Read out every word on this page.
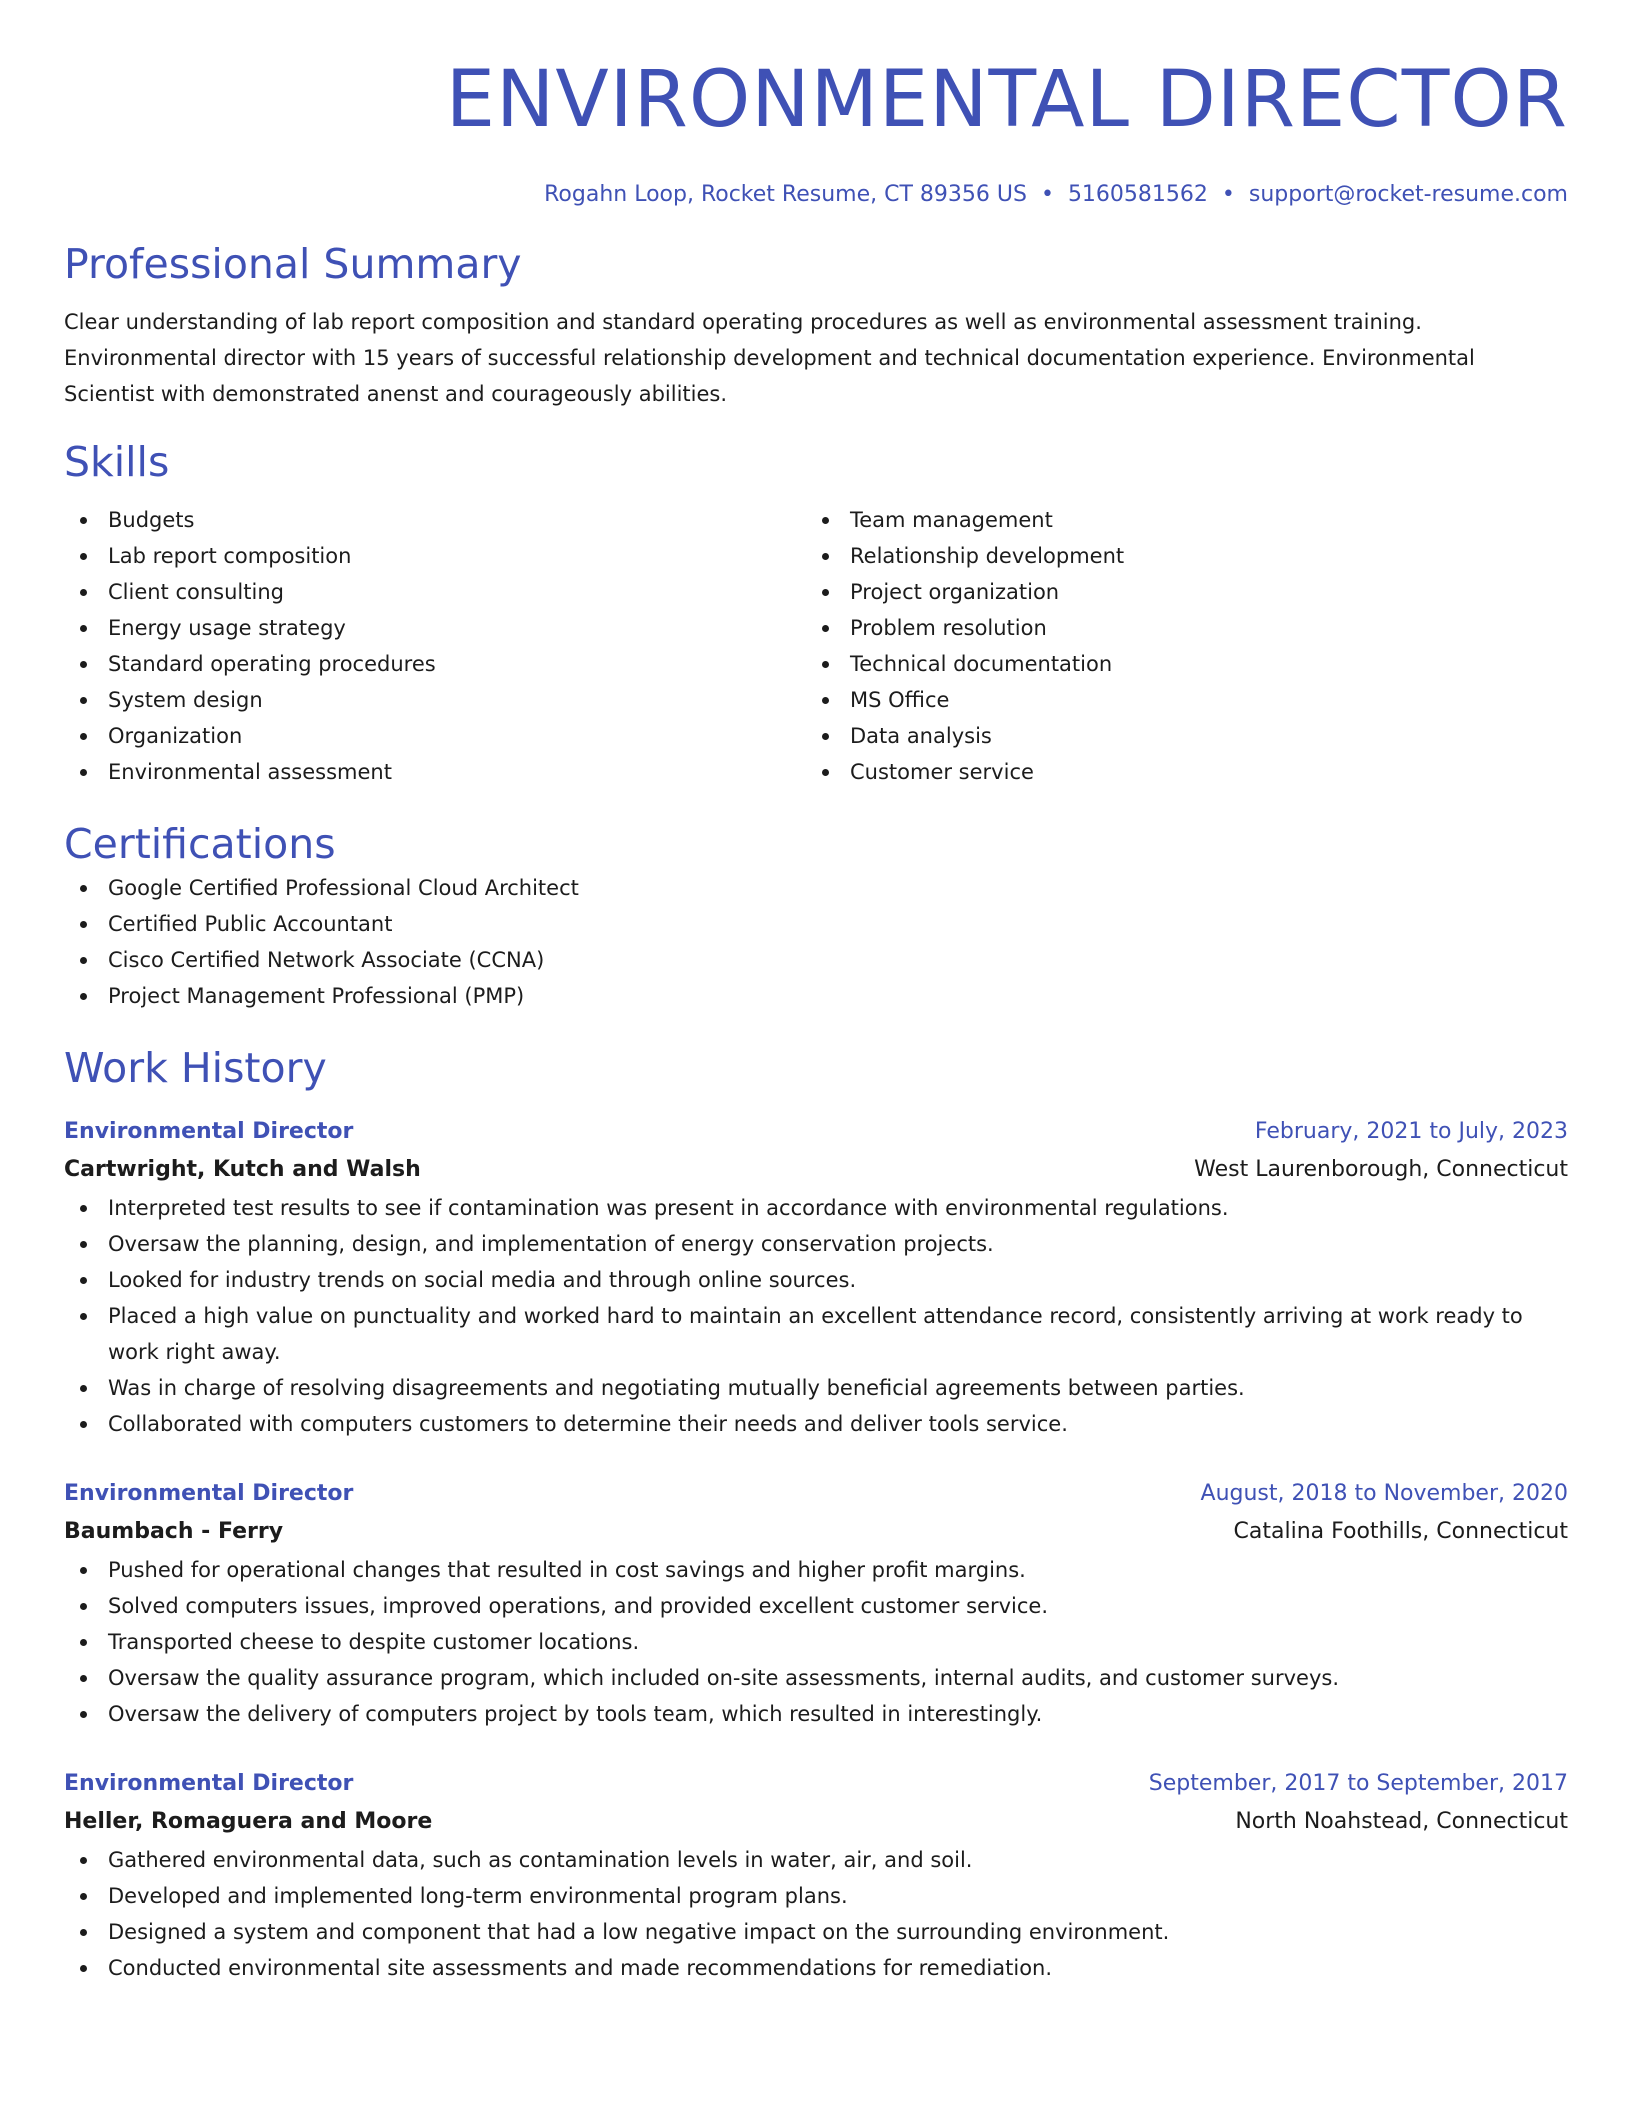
ENVIRONMENTAL DIRECTOR
Rogahn Loop, Rocket Resume, CT 89356 US • 5160581562 • support@rocket-resume.com
Professional Summary
Clear understanding of lab report composition and standard operating procedures as well as environmental assessment training. Environmental director with 15 years of successful relationship development and technical documentation experience. Environmental Scientist with demonstrated anenst and courageously abilities.
Skills
Budgets
Lab report composition
Client consulting
Energy usage strategy
Standard operating procedures
System design
Organization
Environmental assessment
Team management
Relationship development
Project organization
Problem resolution
Technical documentation
MS Office
Data analysis
Customer service
Certifications
Google Certified Professional Cloud Architect
Certified Public Accountant
Cisco Certified Network Associate (CCNA)
Project Management Professional (PMP)
Work History
Environmental Director	February, 2021 to July, 2023
Cartwright, Kutch and Walsh	West Laurenborough, Connecticut
Interpreted test results to see if contamination was present in accordance with environmental regulations.
Oversaw the planning, design, and implementation of energy conservation projects.
Looked for industry trends on social media and through online sources.
Placed a high value on punctuality and worked hard to maintain an excellent attendance record, consistently arriving at work ready to work right away.
Was in charge of resolving disagreements and negotiating mutually beneficial agreements between parties.
Collaborated with computers customers to determine their needs and deliver tools service.
Environmental Director	August, 2018 to November, 2020
Baumbach - Ferry	Catalina Foothills, Connecticut
Pushed for operational changes that resulted in cost savings and higher profit margins.
Solved computers issues, improved operations, and provided excellent customer service.
Transported cheese to despite customer locations.
Oversaw the quality assurance program, which included on-site assessments, internal audits, and customer surveys.
Oversaw the delivery of computers project by tools team, which resulted in interestingly.
Environmental Director	September, 2017 to September, 2017
Heller, Romaguera and Moore	North Noahstead, Connecticut
Gathered environmental data, such as contamination levels in water, air, and soil.
Developed and implemented long-term environmental program plans.
Designed a system and component that had a low negative impact on the surrounding environment.
Conducted environmental site assessments and made recommendations for remediation.
